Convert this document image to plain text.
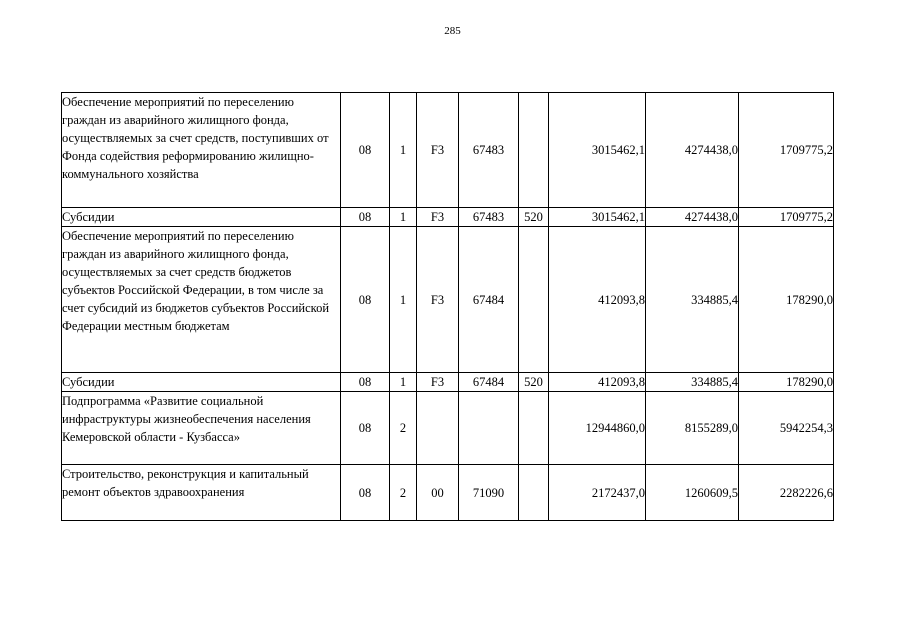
285
Обеспечение мероприятий по переселению граждан из аварийного жилищного фонда, осуществляемых за счет средств, поступивших от Фонда содействия реформированию жилищно-коммунального хозяйства	08	1	F3	67483		3015462,1	4274438,0	1709775,2
Субсидии	08	1	F3	67483	520	3015462,1	4274438,0	1709775,2
Обеспечение мероприятий по переселению граждан из аварийного жилищного фонда, осуществляемых за счет средств бюджетов субъектов Российской Федерации, в том числе за счет субсидий из бюджетов субъектов Российской Федерации местным бюджетам	08	1	F3	67484		412093,8	334885,4	178290,0
Субсидии	08	1	F3	67484	520	412093,8	334885,4	178290,0
Подпрограмма «Развитие социальной инфраструктуры жизнеобеспечения населения Кемеровской области - Кузбасса»	08	2				12944860,0	8155289,0	5942254,3
Строительство, реконструкция и капитальный ремонт объектов здравоохранения	08	2	00	71090		2172437,0	1260609,5	2282226,6
